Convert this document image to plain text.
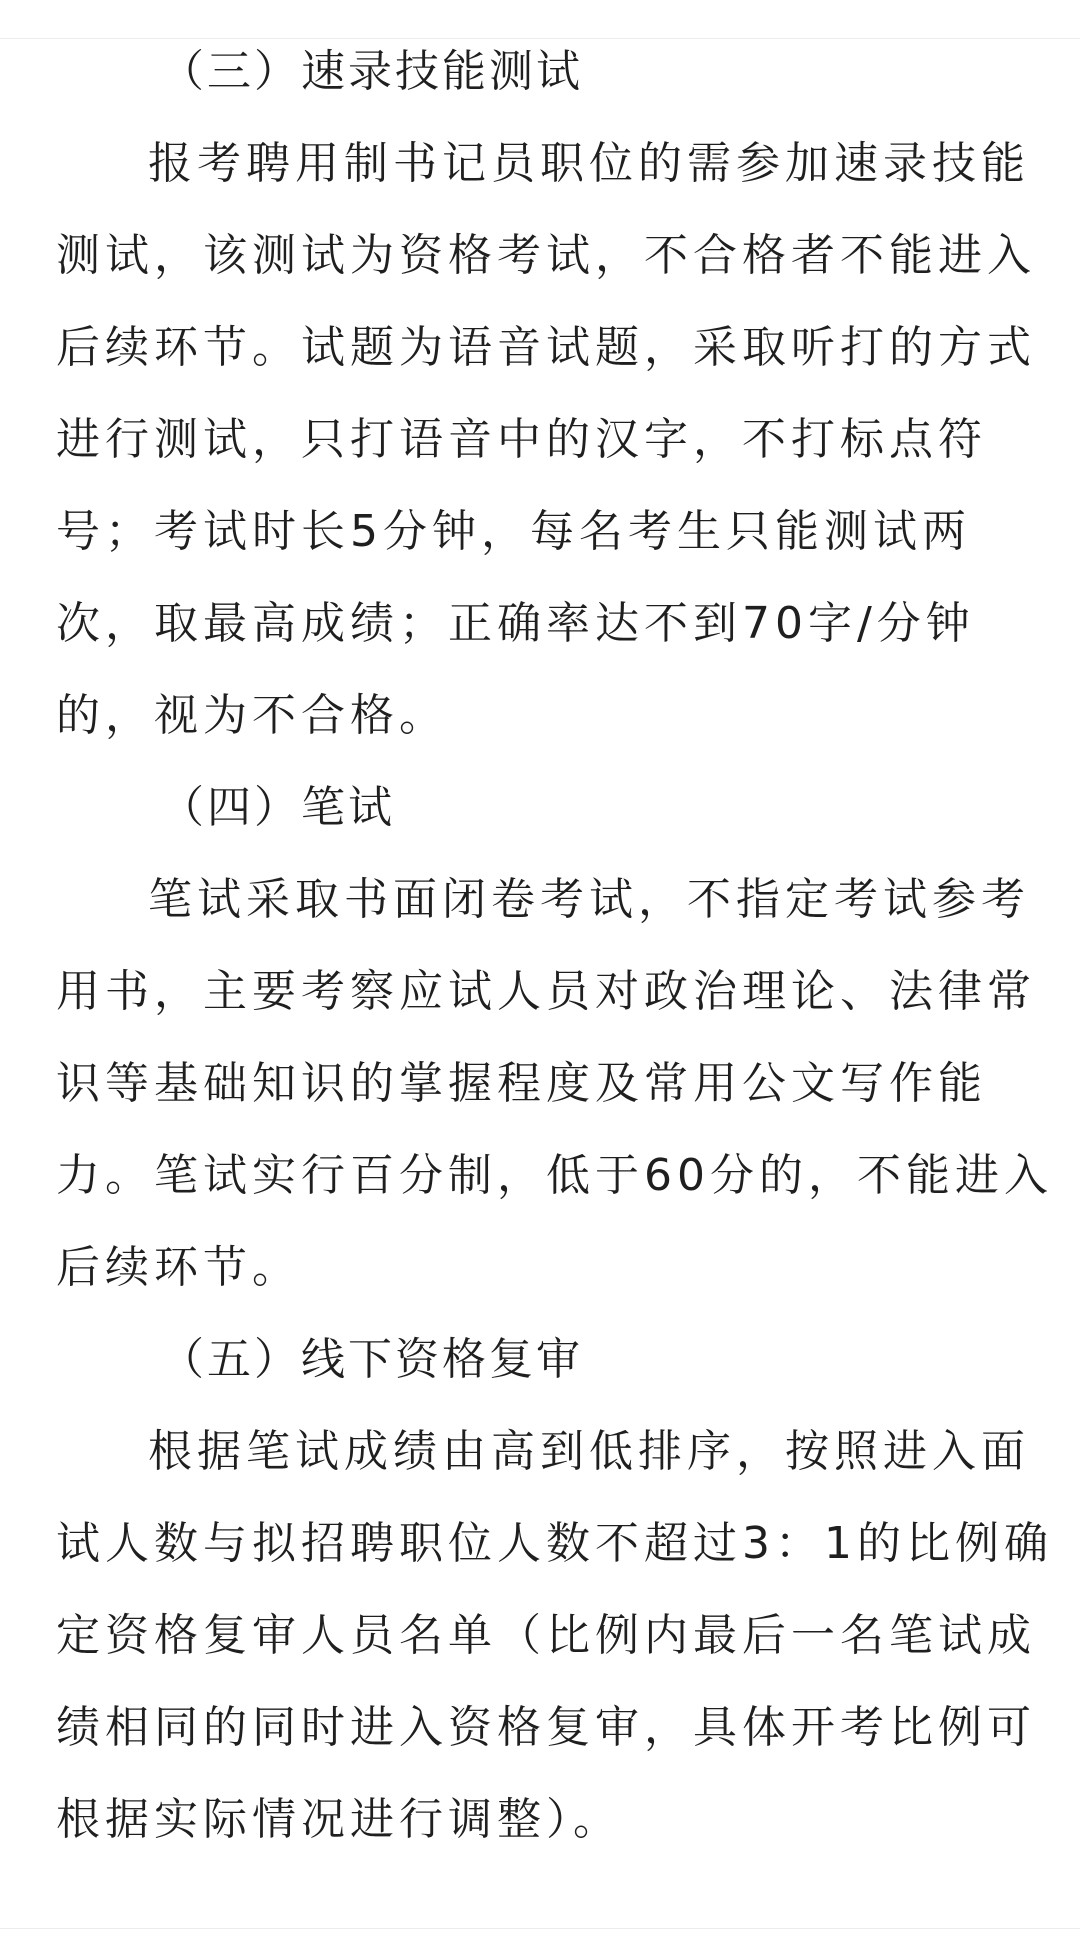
（三）速录技能测试

报考聘用制书记员职位的需参加速录技能
测试，该测试为资格考试，不合格者不能进入
后续环节。试题为语音试题，采取听打的方式
进行测试，只打语音中的汉字，不打标点符
号；考试时长5分钟，每名考生只能测试两
次，取最高成绩；正确率达不到70字/分钟
的，视为不合格。

（四）笔试

笔试采取书面闭卷考试，不指定考试参考
用书，主要考察应试人员对政治理论、法律常
识等基础知识的掌握程度及常用公文写作能
力。笔试实行百分制，低于60分的，不能进入
后续环节。

（五）线下资格复审

根据笔试成绩由高到低排序，按照进入面
试人数与拟招聘职位人数不超过3：1的比例确
定资格复审人员名单（比例内最后一名笔试成
绩相同的同时进入资格复审，具体开考比例可
根据实际情况进行调整）。
